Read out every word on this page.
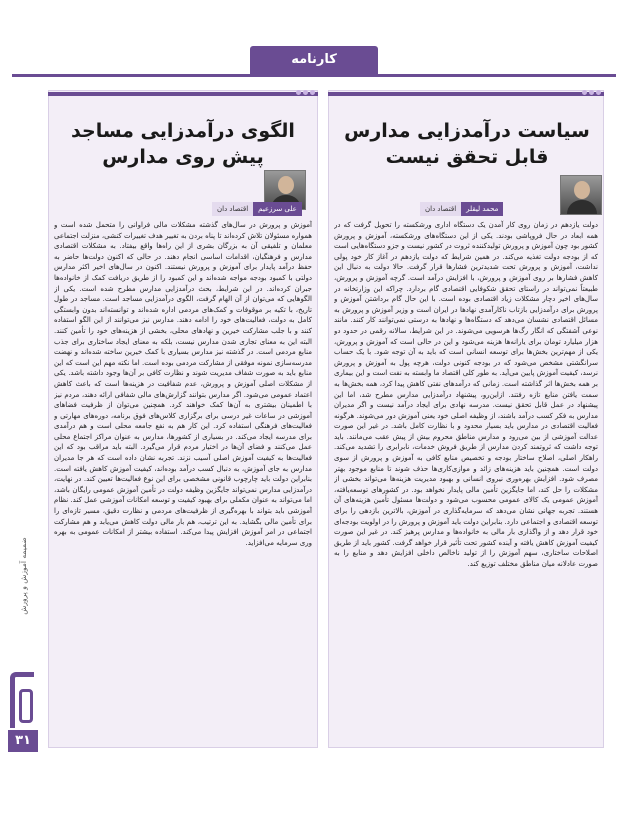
کارنامه
سیاست درآمدزایی مدارس
قابل تحقق نیست
محمد لیقلر
اقتصاد دان

دولت یازدهم در زمان روی کار آمدن یک دستگاه اداری ورشکسته را تحویل گرفت که در همه ابعاد در حال فروپاشی بودند. یکی از این دستگاه‌های ورشکسته، آموزش و پرورش کشور بود چون آموزش و پرورش تولیدکننده ثروت در کشور نیست و جزو دستگاه‌هایی است که از بودجه دولت تغذیه می‌کند. در همین شرایط که دولت یازدهم در آغاز کار خود پولی نداشت، آموزش و پرورش تحت شدیدترین فشارها قرار گرفت. حالا دولت به دنبال این کاهش فشارها بر روی آموزش و پرورش، با افزایش درآمد است. گرچه آموزش و پرورش، طبیعتاً نمی‌تواند در راستای تحقق شکوفایی اقتصادی گام بردارد. چراکه این وزارتخانه در سال‌های اخیر دچار مشکلات زیاد اقتصادی بوده است. با این حال گام برداشتن آموزش و پرورش برای درآمدزایی بازتاب ناکارآمدی نهادها در ایران است و وزیر آموزش و پرورش به مسائل اقتصادی نشسان می‌دهد که دستگاه‌ها و نهادها به درستی نمی‌توانند کار کنند. مانند نوعی آشفتگی که انگار رگ‌ها هرسویی می‌شوند. در این شرایط، سالانه رقمی در حدود دو هزار میلیارد تومان برای یارانه‌ها هزینه می‌شود و این در حالی است که آموزش و پرورش، یکی از مهم‌ترین بخش‌ها برای توسعه انسانی است که باید به آن توجه شود. با یک حساب سرانگشتی مشخص می‌شود که در بودجه کنونی دولت، هرچه پول به آموزش و پرورش نرسد، کیفیت آموزش پایین می‌آید. به طور کلی اقتصاد ما وابسته به نفت است و این بیماری بر همه بخش‌ها اثر گذاشته است. زمانی که درآمدهای نفتی کاهش پیدا کرد، همه بخش‌ها به سمت یافتن منابع تازه رفتند. ازاین‌رو، پیشنهاد درآمدزایی مدارس مطرح شد، اما این پیشنهاد در عمل قابل تحقق نیست. مدرسه نهادی برای ایجاد درآمد نیست و اگر مدیران مدارس به فکر کسب درآمد باشند، از وظیفه اصلی خود یعنی آموزش دور می‌شوند. هرگونه فعالیت اقتصادی در مدارس باید بسیار محدود و با نظارت کامل باشد. در غیر این صورت عدالت آموزشی از بین می‌رود و مدارس مناطق محروم بیش از پیش عقب می‌مانند. باید توجه داشت که ثروتمند کردن مدارس از طریق فروش خدمات، نابرابری را تشدید می‌کند. راهکار اصلی، اصلاح ساختار بودجه و تخصیص منابع کافی به آموزش و پرورش از سوی دولت است. همچنین باید هزینه‌های زائد و موازی‌کاری‌ها حذف شوند تا منابع موجود بهتر مصرف شود. افزایش بهره‌وری نیروی انسانی و بهبود مدیریت هزینه‌ها می‌تواند بخشی از مشکلات را حل کند، اما جایگزین تأمین مالی پایدار نخواهد بود. در کشورهای توسعه‌یافته، آموزش عمومی یک کالای عمومی محسوب می‌شود و دولت‌ها مسئول تأمین هزینه‌های آن هستند. تجربه جهانی نشان می‌دهد که سرمایه‌گذاری در آموزش، بالاترین بازدهی را برای توسعه اقتصادی و اجتماعی دارد. بنابراین دولت باید آموزش و پرورش را در اولویت بودجه‌ای خود قرار دهد و از واگذاری بار مالی به خانواده‌ها و مدارس پرهیز کند. در غیر این صورت کیفیت آموزش کاهش یافته و آینده کشور تحت تأثیر قرار خواهد گرفت. کشور باید از طریق اصلاحات ساختاری، سهم آموزش را از تولید ناخالص داخلی افزایش دهد و منابع را به صورت عادلانه میان مناطق مختلف توزیع کند.

الگوی درآمدزایی مساجد
پیش روی مدارس
علی سرزعیم
اقتصاد دان

آموزش و پرورش در سال‌های گذشته مشکلات مالی فراوانی را متحمل شده است و همواره مسئولان تلاش کرده‌اند تا پناه بردن به تغییر هدف تغییرات کنشی، منزلت اجتماعی معلمان و تلفیقی آن به بزرگان بشری از این راه‌ها واقع بیفتاد. به مشکلات اقتصادی مدارس و فرهنگیان، اقدامات اساسی انجام دهند. در حالی که اکنون دولت‌ها حاضر به حفظ درآمد پایدار برای آموزش و پرورش نیستند. اکنون در سال‌های اخیر اکثر مدارس دولتی با کمبود بودجه مواجه شده‌اند و این کمبود را از طریق دریافت کمک از خانواده‌ها جبران کرده‌اند. در این شرایط، بحث درآمدزایی مدارس مطرح شده است. یکی از الگوهایی که می‌توان از آن الهام گرفت، الگوی درآمدزایی مساجد است. مساجد در طول تاریخ، با تکیه بر موقوفات و کمک‌های مردمی اداره شده‌اند و توانسته‌اند بدون وابستگی کامل به دولت، فعالیت‌های خود را ادامه دهند. مدارس نیز می‌توانند از این الگو استفاده کنند و با جلب مشارکت خیرین و نهادهای محلی، بخشی از هزینه‌های خود را تأمین کنند. البته این به معنای تجاری شدن مدارس نیست، بلکه به معنای ایجاد ساختاری برای جذب منابع مردمی است. در گذشته نیز مدارس بسیاری با کمک خیرین ساخته شده‌اند و نهضت مدرسه‌سازی نمونه موفقی از مشارکت مردمی بوده است. اما نکته مهم این است که این منابع باید به صورت شفاف مدیریت شوند و نظارت کافی بر آن‌ها وجود داشته باشد. یکی از مشکلات اصلی آموزش و پرورش، عدم شفافیت در هزینه‌ها است که باعث کاهش اعتماد عمومی می‌شود. اگر مدارس بتوانند گزارش‌های مالی شفافی ارائه دهند، مردم نیز با اطمینان بیشتری به آن‌ها کمک خواهند کرد. همچنین می‌توان از ظرفیت فضاهای آموزشی در ساعات غیر درسی برای برگزاری کلاس‌های فوق برنامه، دوره‌های مهارتی و فعالیت‌های فرهنگی استفاده کرد. این کار هم به نفع جامعه محلی است و هم درآمدی برای مدرسه ایجاد می‌کند. در بسیاری از کشورها، مدارس به عنوان مراکز اجتماع محلی عمل می‌کنند و فضای آن‌ها در اختیار مردم قرار می‌گیرد. البته باید مراقب بود که این فعالیت‌ها به کیفیت آموزش اصلی آسیب نزند. تجربه نشان داده است که هر جا مدیران مدارس به جای آموزش، به دنبال کسب درآمد بوده‌اند، کیفیت آموزش کاهش یافته است. بنابراین دولت باید چارچوب قانونی مشخصی برای این نوع فعالیت‌ها تعیین کند. در نهایت، درآمدزایی مدارس نمی‌تواند جایگزین وظیفه دولت در تأمین آموزش عمومی رایگان باشد، اما می‌تواند به عنوان مکملی برای بهبود کیفیت و توسعه امکانات آموزشی عمل کند. نظام آموزشی باید بتواند با بهره‌گیری از ظرفیت‌های مردمی و نظارت دقیق، مسیر تازه‌ای را برای تأمین مالی بگشاید. به این ترتیب، هم بار مالی دولت کاهش می‌یابد و هم مشارکت اجتماعی در امر آموزش افزایش پیدا می‌کند. استفاده بیشتر از امکانات عمومی به بهره وری سرمایه می‌افزاید.

ضمیمه آموزش و پرورش
۳۱
